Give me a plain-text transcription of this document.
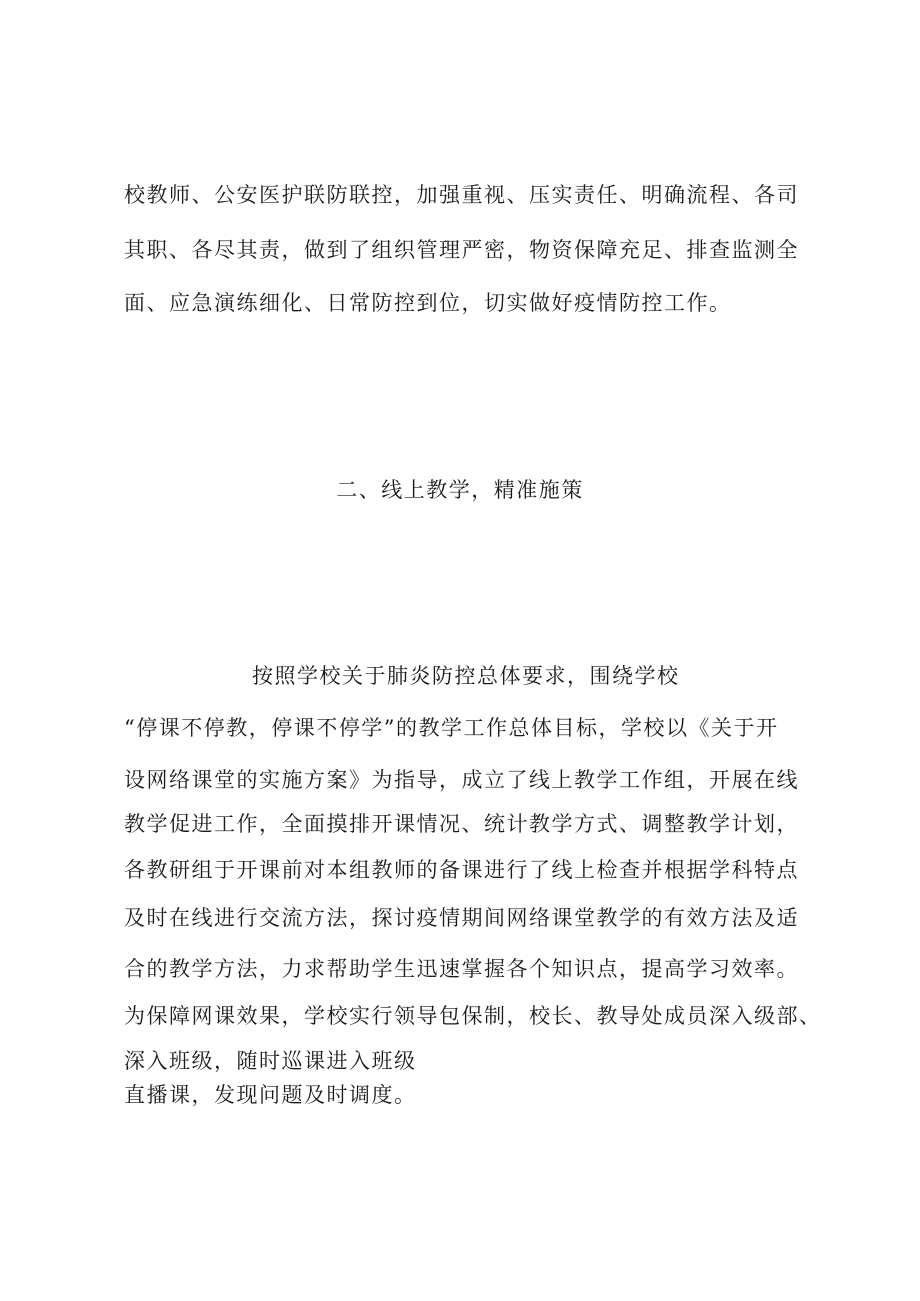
校教师、公安医护联防联控，加强重视、压实责任、明确流程、各司
其职、各尽其责，做到了组织管理严密，物资保障充足、排查监测全
面、应急演练细化、日常防控到位，切实做好疫情防控工作。
二、线上教学，精准施策
按照学校关于肺炎防控总体要求，围绕学校
“停课不停教，停课不停学”的教学工作总体目标，学校以《关于开
设网络课堂的实施方案》为指导，成立了线上教学工作组，开展在线
教学促进工作，全面摸排开课情况、统计教学方式、调整教学计划，
各教研组于开课前对本组教师的备课进行了线上检查并根据学科特点
及时在线进行交流方法，探讨疫情期间网络课堂教学的有效方法及适
合的教学方法，力求帮助学生迅速掌握各个知识点，提高学习效率。
为保障网课效果，学校实行领导包保制，校长、教导处成员深入级部、
深入班级，随时巡课进入班级
直播课，发现问题及时调度。
